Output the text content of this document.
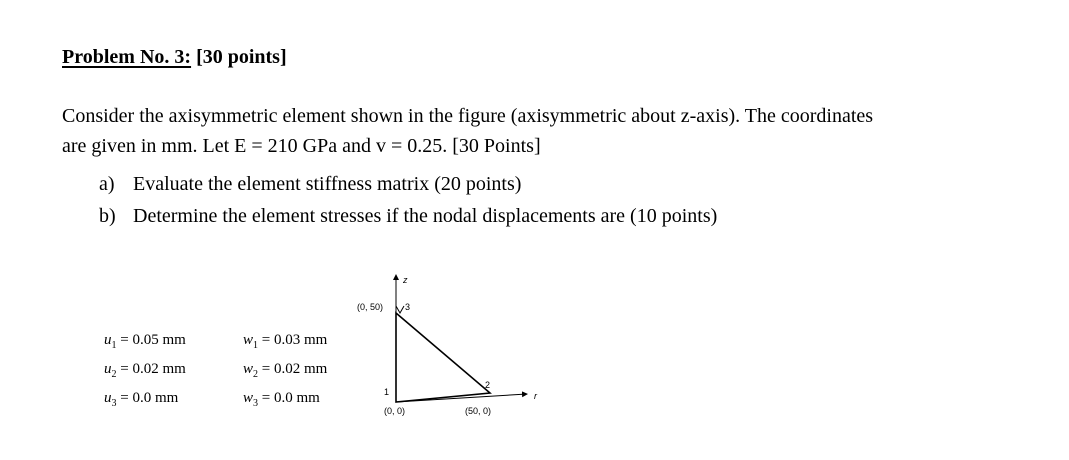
Problem No. 3: [30 points]
Consider the axisymmetric element shown in the figure (axisymmetric about z-axis). The coordinates
are given in mm. Let E = 210 GPa and v = 0.25. [30 Points]
a) Evaluate the element stiffness matrix (20 points)
b) Determine the element stresses if the nodal displacements are (10 points)
$u_1 = 0.05$ mm
$u_2 = 0.02$ mm
$u_3 = 0.0$ mm
$w_1 = 0.03$ mm
$w_2 = 0.02$ mm
$w_3 = 0.0$ mm
z
r
(0, 50) 3
1
(0, 0)
2
(50, 0)
